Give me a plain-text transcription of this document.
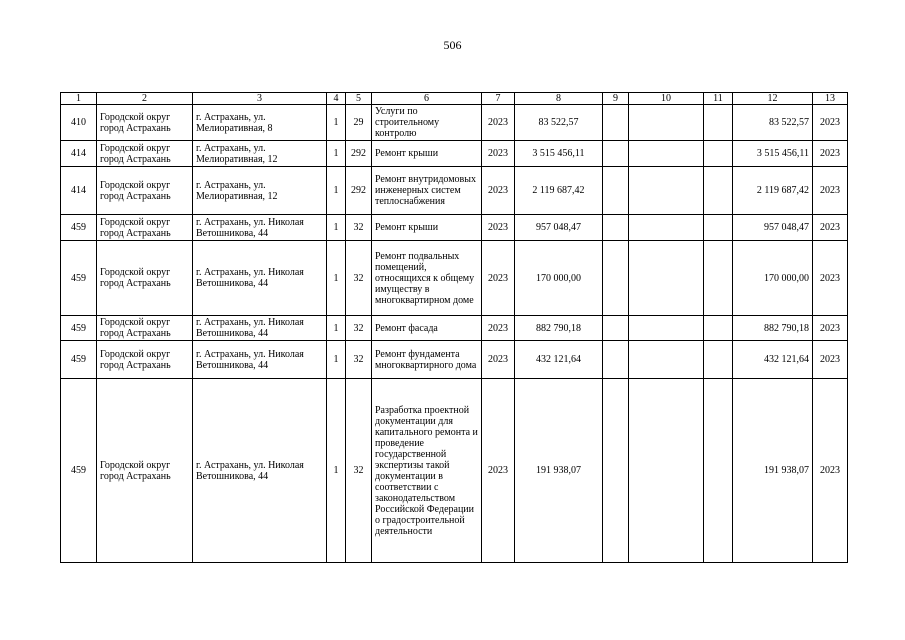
506
1	2	3	4	5	6	7	8	9	10	11	12	13
410	Городской округ город Астрахань	г. Астрахань, ул. Мелиоративная, 8	1	29	Услуги по строительному контролю	2023	83 522,57				83 522,57	2023
414	Городской округ город Астрахань	г. Астрахань, ул. Мелиоративная, 12	1	292	Ремонт крыши	2023	3 515 456,11				3 515 456,11	2023
414	Городской округ город Астрахань	г. Астрахань, ул. Мелиоративная, 12	1	292	Ремонт внутридомовых инженерных систем теплоснабжения	2023	2 119 687,42				2 119 687,42	2023
459	Городской округ город Астрахань	г. Астрахань, ул. Николая Ветошникова, 44	1	32	Ремонт крыши	2023	957 048,47				957 048,47	2023
459	Городской округ город Астрахань	г. Астрахань, ул. Николая Ветошникова, 44	1	32	Ремонт подвальных помещений, относящихся к общему имуществу в многоквартирном доме	2023	170 000,00				170 000,00	2023
459	Городской округ город Астрахань	г. Астрахань, ул. Николая Ветошникова, 44	1	32	Ремонт фасада	2023	882 790,18				882 790,18	2023
459	Городской округ город Астрахань	г. Астрахань, ул. Николая Ветошникова, 44	1	32	Ремонт фундамента многоквартирного дома	2023	432 121,64				432 121,64	2023
459	Городской округ город Астрахань	г. Астрахань, ул. Николая Ветошникова, 44	1	32	Разработка проектной документации для капитального ремонта и проведение государственной экспертизы такой документации в соответствии с законодательством Российской Федерации о градостроительной деятельности	2023	191 938,07				191 938,07	2023
